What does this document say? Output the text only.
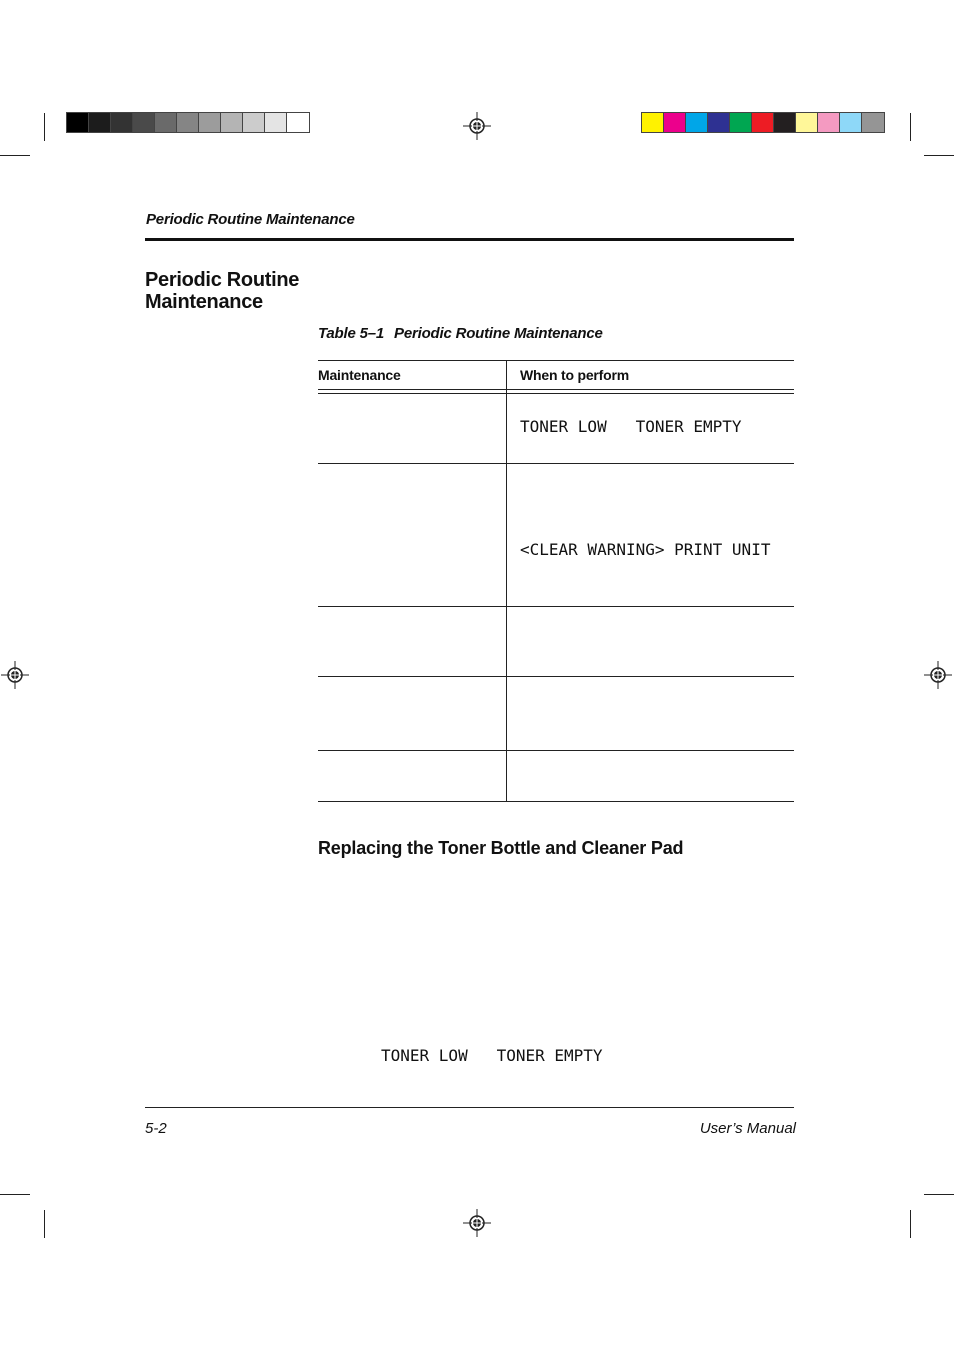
Periodic Routine Maintenance
Periodic Routine
Maintenance
Table 5–1 Periodic Routine Maintenance
Maintenance	When to perform
TONER LOW   TONER EMPTY
<CLEAR WARNING> PRINT UNIT
Replacing the Toner Bottle and Cleaner Pad
TONER LOW   TONER EMPTY
5-2	User’s Manual
